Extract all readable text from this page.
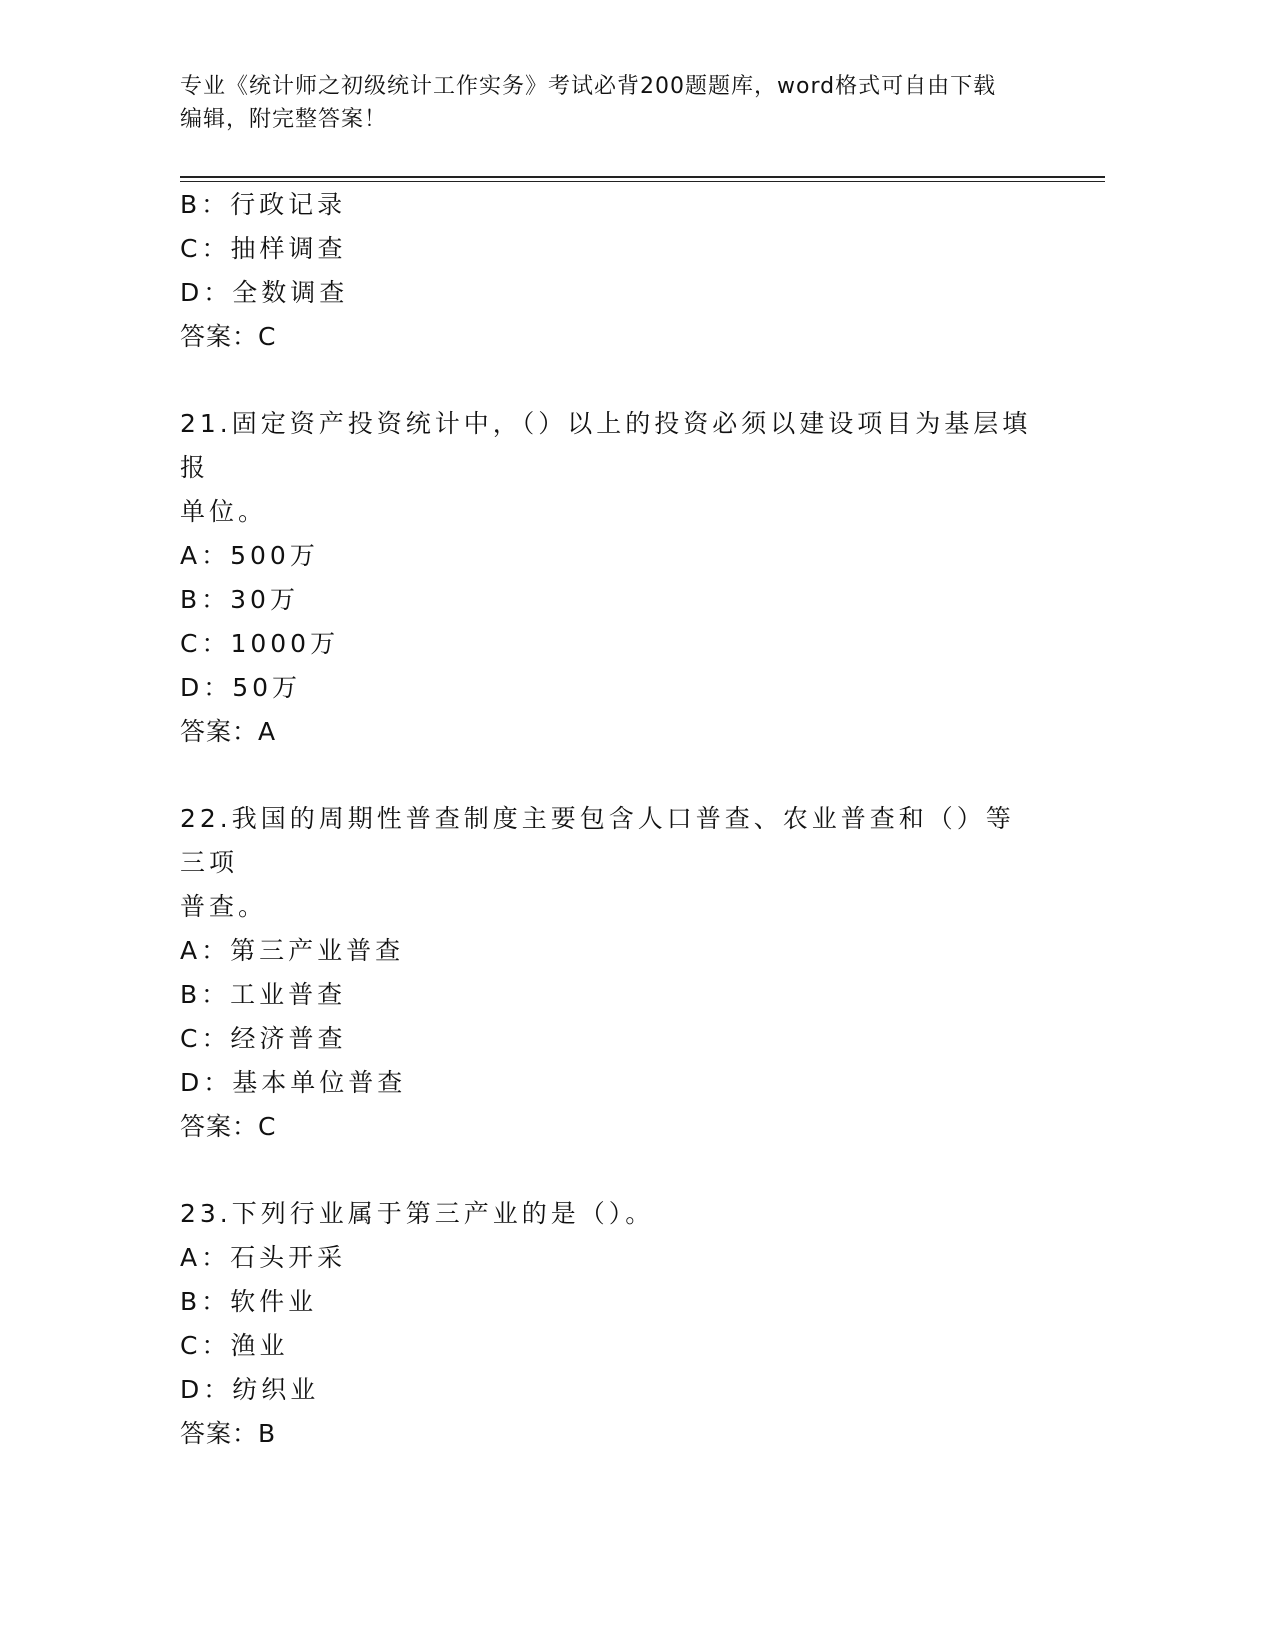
专业《统计师之初级统计工作实务》考试必背200题题库，word格式可自由下载
编辑，附完整答案！
B：行政记录
C：抽样调查
D：全数调查
答案：C
21.固定资产投资统计中，（）以上的投资必须以建设项目为基层填报
单位。
A：500万
B：30万
C：1000万
D：50万
答案：A
22.我国的周期性普查制度主要包含人口普查、农业普查和（）等三项
普查。
A：第三产业普查
B：工业普查
C：经济普查
D：基本单位普查
答案：C
23.下列行业属于第三产业的是（）。
A：石头开采
B：软件业
C：渔业
D：纺织业
答案：B
